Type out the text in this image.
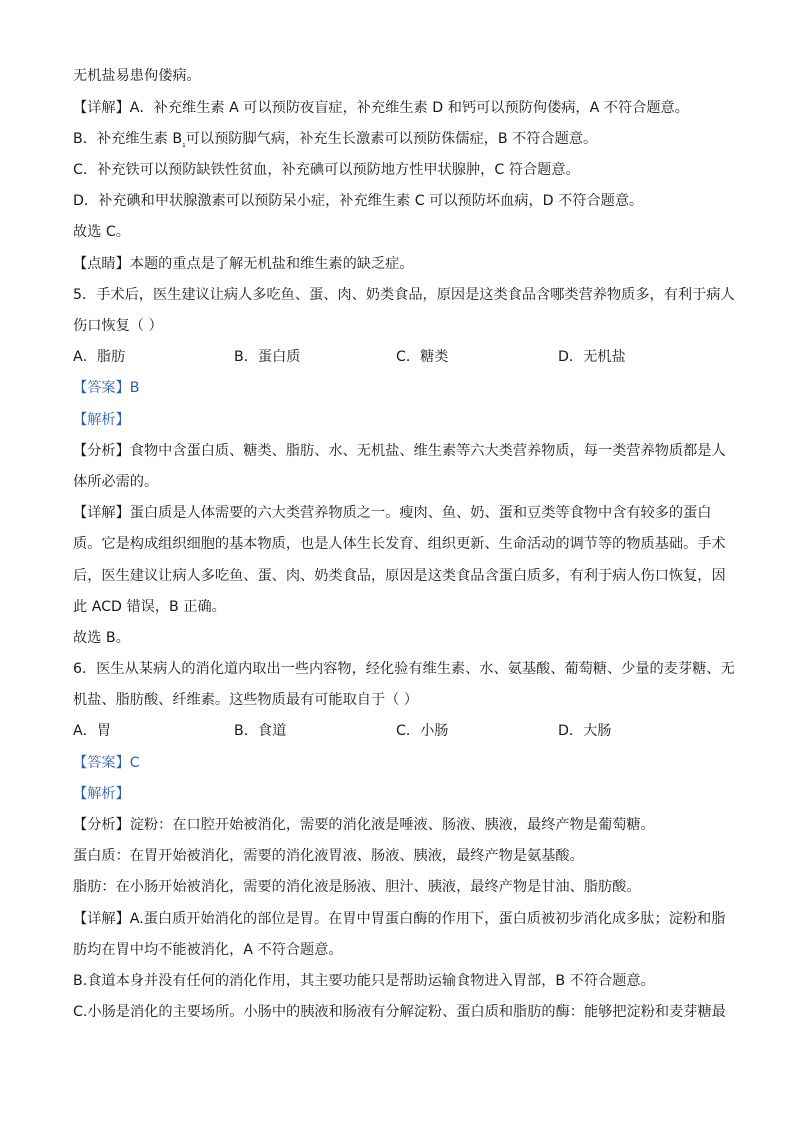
无机盐易患佝偻病。
【详解】A．补充维生素 A 可以预防夜盲症，补充维生素 D 和钙可以预防佝偻病，A 不符合题意。
B．补充维生素 $B_{_1}$可以预防脚气病，补充生长激素可以预防侏儒症，B 不符合题意。
C．补充铁可以预防缺铁性贫血，补充碘可以预防地方性甲状腺肿，C 符合题意。
D．补充碘和甲状腺激素可以预防呆小症，补充维生素 C 可以预防坏血病，D 不符合题意。
故选 C。
【点睛】本题的重点是了解无机盐和维生素的缺乏症。
5．手术后，医生建议让病人多吃鱼、蛋、肉、奶类食品，原因是这类食品含哪类营养物质多，有利于病人
伤口恢复（ ）
A．脂肪	B．蛋白质	C．糖类	D．无机盐
【答案】B
【解析】
【分析】食物中含蛋白质、糖类、脂肪、水、无机盐、维生素等六大类营养物质，每一类营养物质都是人
体所必需的。
【详解】蛋白质是人体需要的六大类营养物质之一。瘦肉、鱼、奶、蛋和豆类等食物中含有较多的蛋白
质。它是构成组织细胞的基本物质，也是人体生长发育、组织更新、生命活动的调节等的物质基础。手术
后，医生建议让病人多吃鱼、蛋、肉、奶类食品，原因是这类食品含蛋白质多，有利于病人伤口恢复，因
此 ACD 错误，B 正确。
故选 B。
6．医生从某病人的消化道内取出一些内容物，经化验有维生素、水、氨基酸、葡萄糖、少量的麦芽糖、无
机盐、脂肪酸、纤维素。这些物质最有可能取自于（ ）
A．胃	B．食道	C．小肠	D．大肠
【答案】C
【解析】
【分析】淀粉：在口腔开始被消化，需要的消化液是唾液、肠液、胰液，最终产物是葡萄糖。
蛋白质：在胃开始被消化，需要的消化液胃液、肠液、胰液，最终产物是氨基酸。
脂肪：在小肠开始被消化，需要的消化液是肠液、胆汁、胰液，最终产物是甘油、脂肪酸。
【详解】A.蛋白质开始消化的部位是胃。在胃中胃蛋白酶的作用下，蛋白质被初步消化成多肽；淀粉和脂
肪均在胃中均不能被消化，A 不符合题意。
B.食道本身并没有任何的消化作用，其主要功能只是帮助运输食物进入胃部，B 不符合题意。
C.小肠是消化的主要场所。小肠中的胰液和肠液有分解淀粉、蛋白质和脂肪的酶：能够把淀粉和麦芽糖最
